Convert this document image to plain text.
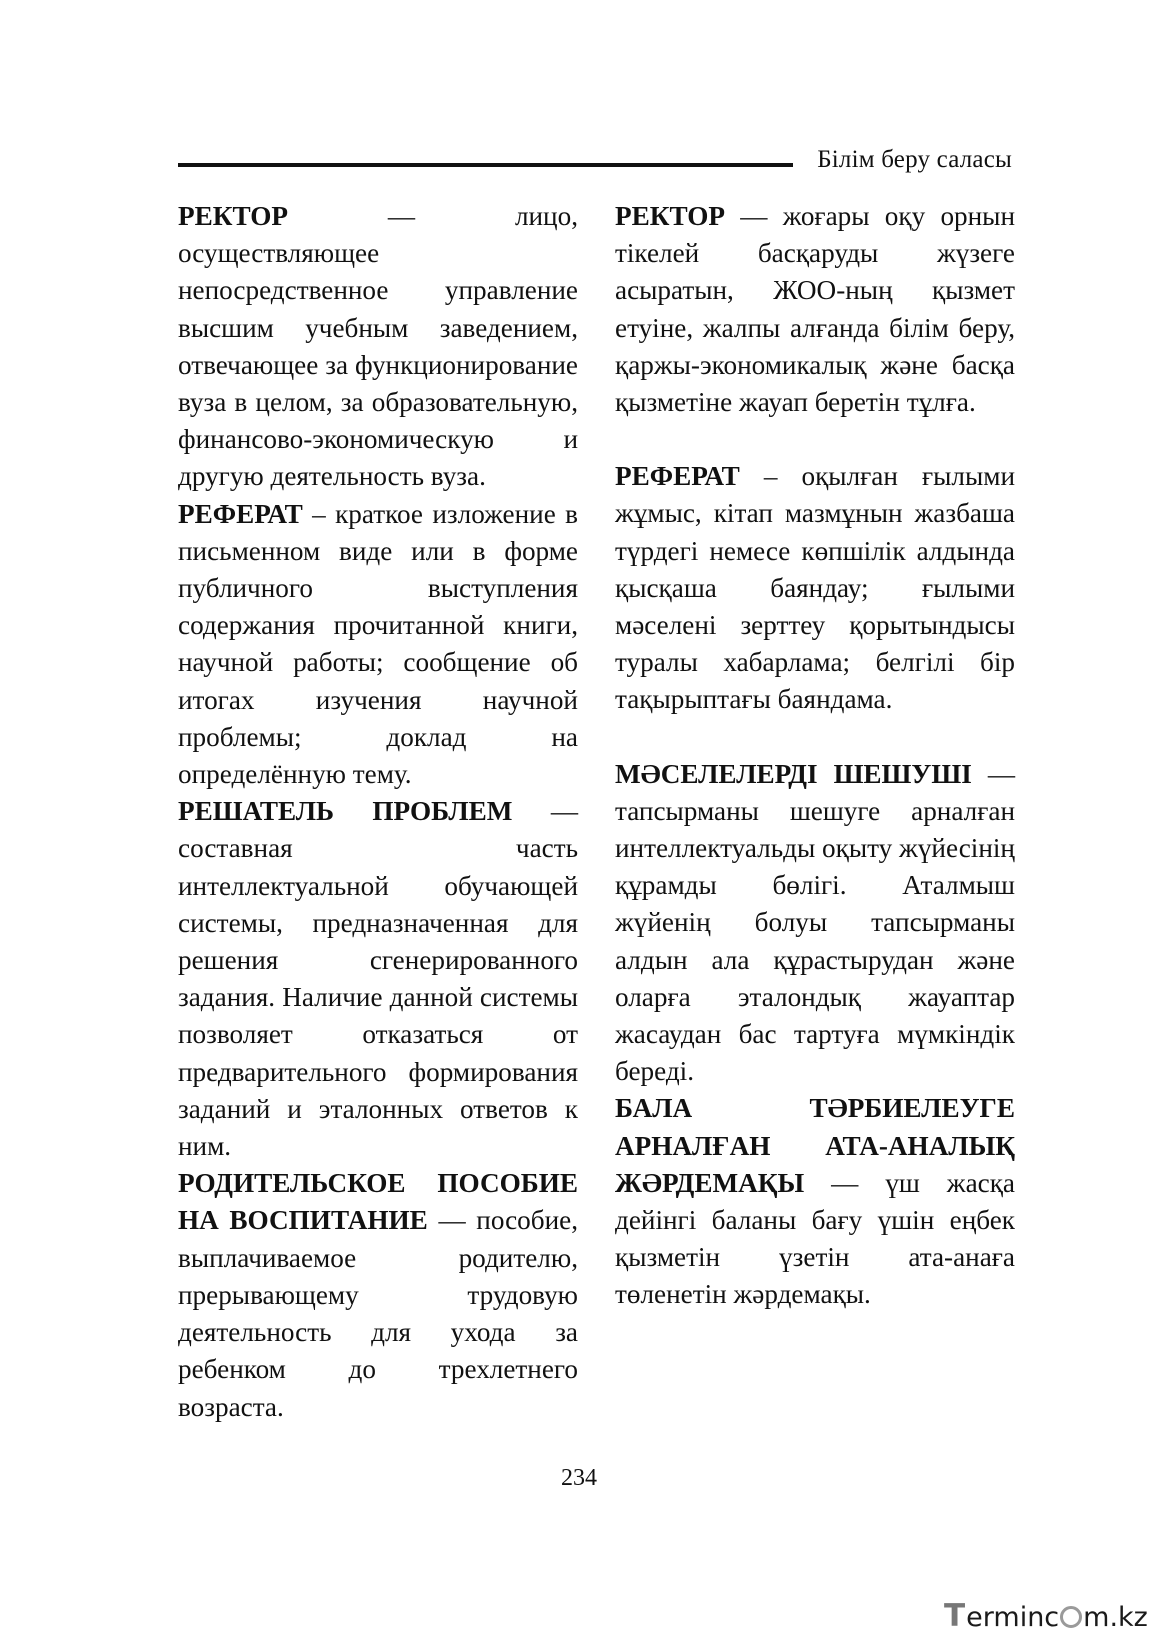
Білім беру саласы

РЕКТОР — лицо, осуществляющее непосредственное управление высшим учебным заведением, отвечающее за функционирование вуза в целом, за образовательную, финансово-экономическую и другую деятельность вуза.

РЕФЕРАТ – краткое изложение в письменном виде или в форме публичного выступления содержания прочитанной книги, научной работы; сообщение об итогах изучения научной проблемы; доклад на определённую тему.

РЕШАТЕЛЬ ПРОБЛЕМ — составная часть интеллектуальной обучающей системы, предназначенная для решения сгенерированного задания. Наличие данной системы позволяет отказаться от предварительного формирования заданий и эталонных ответов к ним.

РОДИТЕЛЬСКОЕ ПОСОБИЕ НА ВОСПИТАНИЕ — пособие, выплачиваемое родителю, прерывающему трудовую деятельность для ухода за ребенком до трехлетнего возраста.

РЕКТОР — жоғары оқу орнын тікелей басқаруды жүзеге асыратын, ЖОО-ның қызмет етуіне, жалпы алғанда білім беру, қаржы-экономикалық және басқа қызметіне жауап беретін тұлға.

РЕФЕРАТ – оқылған ғылыми жұмыс, кітап мазмұнын жазбаша түрдегі немесе көпшілік алдында қысқаша баяндау; ғылыми мәселені зерттеу қорытындысы туралы хабарлама; белгілі бір тақырыптағы баяндама.

МӘСЕЛЕЛЕРДІ ШЕШУШІ — тапсырманы шешуге арналған интеллектуальды оқыту жүйесінің құрамды бөлігі. Аталмыш жүйенің болуы тапсырманы алдын ала құрастырудан және оларға эталондық жауаптар жасаудан бас тартуға мүмкіндік береді.

БАЛА ТӘРБИЕЛЕУГЕ АРНАЛҒАН АТА-АНАЛЫҚ ЖӘРДЕМАҚЫ — үш жасқа дейінгі баланы бағу үшін еңбек қызметін үзетін ата-анаға төленетін жәрдемақы.

234
Terminc m.kz
